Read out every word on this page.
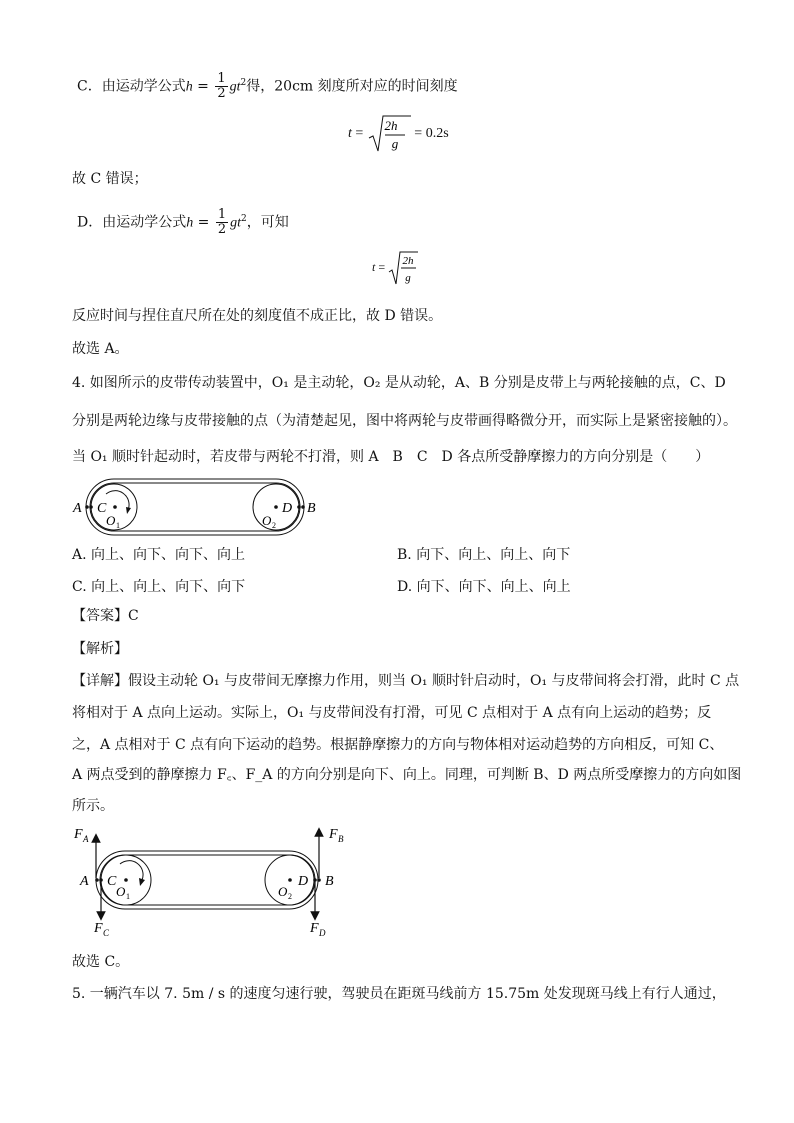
C．由运动学公式$h = \frac{1}{2} gt^2$得，20cm 刻度所对应的时间刻度
t =
2h
g
= 0.2s
故 C 错误；
D．由运动学公式$h = \frac{1}{2} gt^2$，可知
t = 2h
g
反应时间与捏住直尺所在处的刻度值不成正比，故 D 错误。
故选 A。
4. 如图所示的皮带传动装置中，O₁ 是主动轮，O₂ 是从动轮，A、B 分别是皮带上与两轮接触的点，C、D
分别是两轮边缘与皮带接触的点（为清楚起见，图中将两轮与皮带画得略微分开，而实际上是紧密接触的）。
当 O₁ 顺时针起动时，若皮带与两轮不打滑，则 A　B　C　D 各点所受静摩擦力的方向分别是（　　）
A C
O 1
D B
O 2
A. 向上、向下、向下、向上	B. 向下、向上、向上、向下
C. 向上、向上、向下、向下	D. 向下、向下、向上、向上
【答案】C
【解析】
【详解】假设主动轮 O₁ 与皮带间无摩擦力作用，则当 O₁ 顺时针启动时，O₁ 与皮带间将会打滑，此时 C 点
将相对于 A 点向上运动。实际上，O₁ 与皮带间没有打滑，可见 C 点相对于 A 点有向上运动的趋势；反
之，A 点相对于 C 点有向下运动的趋势。根据静摩擦力的方向与物体相对运动趋势的方向相反，可知 C、
A 两点受到的静摩擦力 F꜀、F_A 的方向分别是向下、向上。同理，可判断 B、D 两点所受摩擦力的方向如图
所示。
F A	F B
F C	F D
A C
O 1
D B
O 2
故选 C。
5. 一辆汽车以 7. 5m / s 的速度匀速行驶，驾驶员在距斑马线前方 15.75m 处发现斑马线上有行人通过，
